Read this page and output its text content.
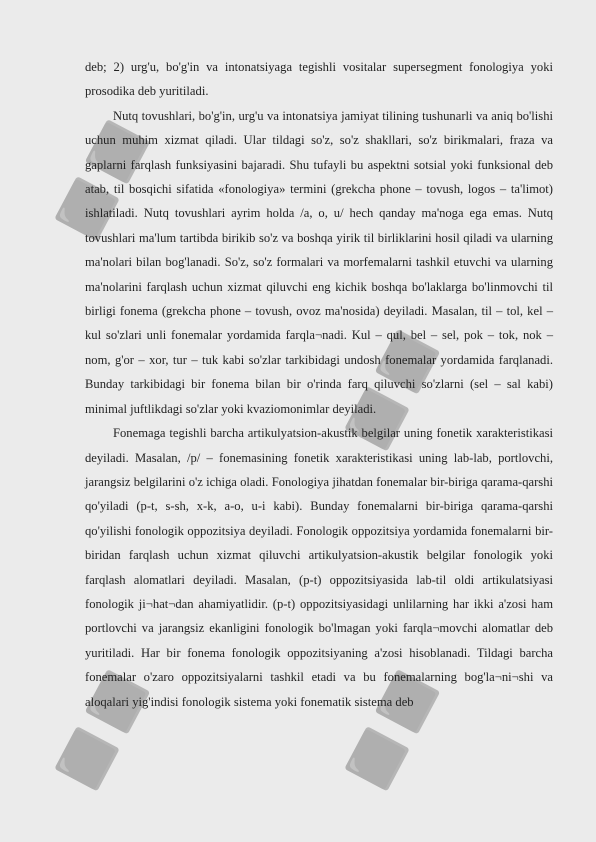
⬛⬛
⬛⬛
⬛⬛	⬛⬛

deb; 2) urg'u, bo'g'in va intonatsiyaga tegishli vositalar supersegment fonologiya yoki prosodika deb yuritiladi.

Nutq tovushlari, bo'g'in, urg'u va intonatsiya jamiyat tilining tushunarli va aniq bo'lishi uchun muhim xizmat qiladi. Ular tildagi so'z, so'z shakllari, so'z birikmalari, fraza va gaplarni farqlash funksiyasini bajaradi. Shu tufayli bu aspektni sotsial yoki funksional deb atab, til bosqichi sifatida «fonologiya» termini (grekcha phone – tovush, logos – ta'limot) ishlatiladi. Nutq tovushlari ayrim holda /a, o, u/ hech qanday ma'noga ega emas. Nutq tovushlari ma'lum tartibda birikib so'z va boshqa yirik til birliklarini hosil qiladi va ularning ma'nolari bilan bog'lanadi. So'z, so'z formalari va morfemalarni tashkil etuvchi va ularning ma'nolarini farqlash uchun xizmat qiluvchi eng kichik boshqa bo'laklarga bo'linmovchi til birligi fonema (grekcha phone – tovush, ovoz ma'nosida) deyiladi. Masalan, til – tol, kel – kul so'zlari unli fonemalar yordamida farqla¬nadi. Kul – qul, bel – sel, pok – tok, nok – nom, g'or – xor, tur – tuk kabi so'zlar tarkibidagi undosh fonemalar yordamida farqlanadi. Bunday tarkibidagi bir fonema bilan bir o'rinda farq qiluvchi so'zlarni (sel – sal kabi) minimal juftlikdagi so'zlar yoki kvaziomonimlar deyiladi.

Fonemaga tegishli barcha artikulyatsion-akustik belgilar uning fonetik xarakteristikasi deyiladi. Masalan, /p/ – fonemasining fonetik xarakteristikasi uning lab-lab, portlovchi, jarangsiz belgilarini o'z ichiga oladi. Fonologiya jihatdan fonemalar bir-biriga qarama-qarshi qo'yiladi (p-t, s-sh, x-k, a-o, u-i kabi). Bunday fonemalarni bir-biriga qarama-qarshi qo'yilishi fonologik oppozitsiya deyiladi. Fonologik oppozitsiya yordamida fonemalarni bir-biridan farqlash uchun xizmat qiluvchi artikulyatsion-akustik belgilar fonologik yoki farqlash alomatlari deyiladi. Masalan, (p-t) oppozitsiyasida lab-til oldi artikulatsiyasi fonologik ji¬hat¬dan ahamiyatlidir. (p-t) oppozitsiyasidagi unlilarning har ikki a'zosi ham portlovchi va jarangsiz ekanligini fonologik bo'lmagan yoki farqla¬movchi alomatlar deb yuritiladi. Har bir fonema fonologik oppozitsiyaning a'zosi hisoblanadi. Tildagi barcha fonemalar o'zaro oppozitsiyalarni tashkil etadi va bu fonemalarning bog'la¬ni¬shi va aloqalari yig'indisi fonologik sistema yoki fonematik sistema deb
